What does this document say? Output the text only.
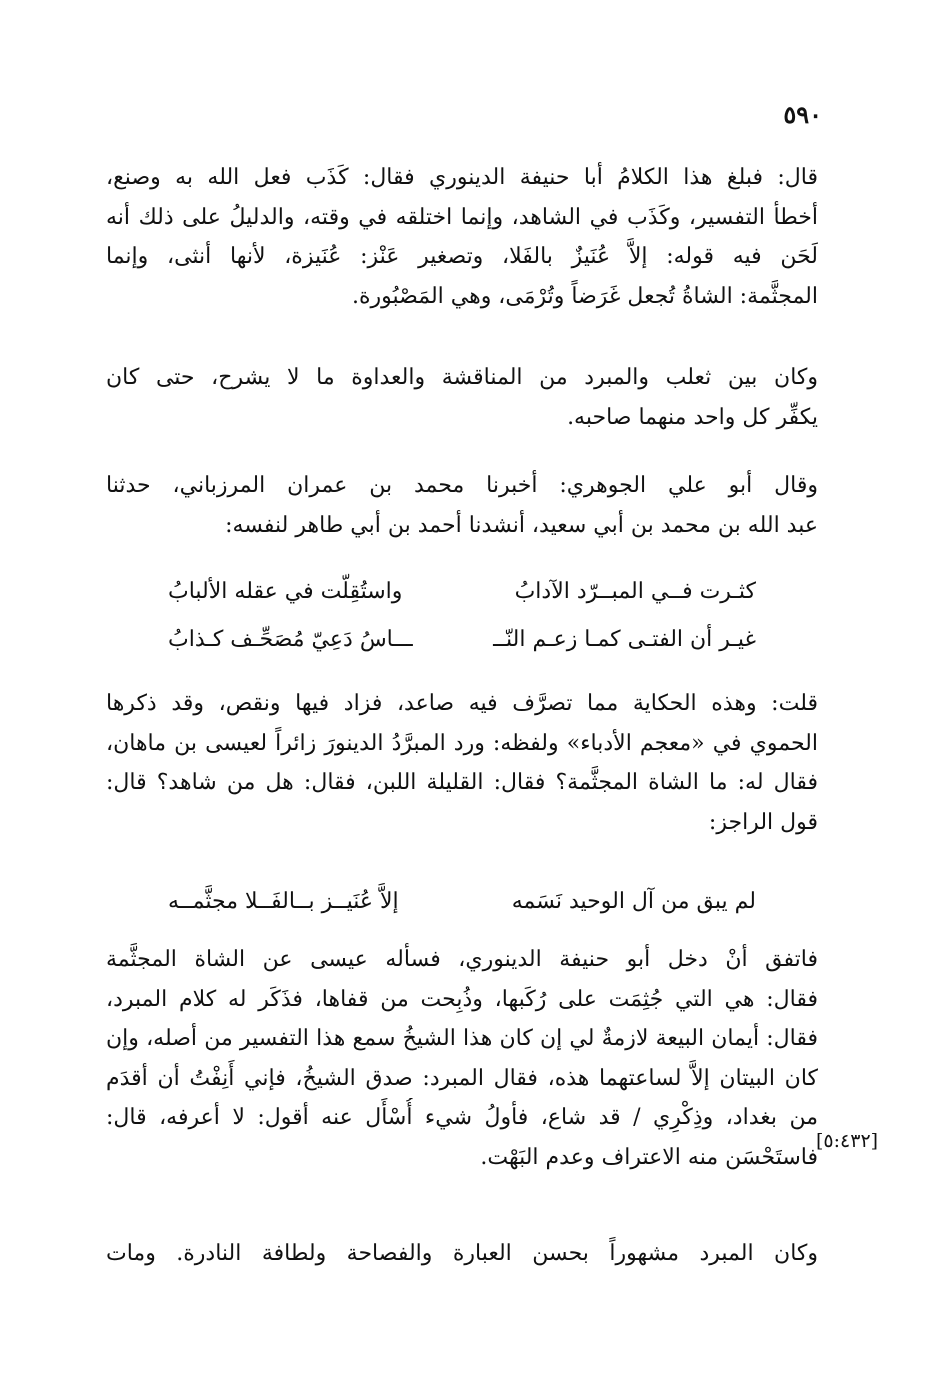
٥٩٠

قال: فبلغ هذا الكلامُ أبا حنيفة الدينوري فقال: كَذَب فعل الله به وصنع،
أخطأ التفسير، وكَذَب في الشاهد، وإنما اختلقه في وقته، والدليلُ على ذلك أنه
لَحَن فيه قوله: إلاَّ عُنَيزٌ بالفَلا، وتصغير عَنْز: عُنَيزة، لأنها أنثى، وإنما
المجثَّمة: الشاةُ تُجعل غَرَضاً وتُرْمَى، وهي المَصْبُورة.

وكان بين ثعلب والمبرد من المناقشة والعداوة ما لا يشرح، حتى كان
يكفِّر كل واحد منهما صاحبه.

وقال أبو علي الجوهري: أخبرنا محمد بن عمران المرزباني، حدثنا
عبد الله بن محمد بن أبي سعيد، أنشدنا أحمد بن أبي طاهر لنفسه:

كثـرت فــي المبــرّد الآدابُ
واستُقِلّت في عقله الألبابُ
غيـر أن الفتـى كمـا زعـم النّــ
ـــاسُ دَعِيّ مُصَحِّـف كـذابُ

قلت: وهذه الحكاية مما تصرَّف فيه صاعد، فزاد فيها ونقص، وقد ذكرها
الحموي في «معجم الأدباء» ولفظه: ورد المبرَّدُ الدينورَ زائراً لعيسى بن ماهان،
فقال له: ما الشاة المجثَّمة؟ فقال: القليلة اللبن، فقال: هل من شاهد؟ قال:
قول الراجز:

لم يبق من آل الوحيد نَسَمه
إلاَّ عُنَيــز بــالفَــلا مجثَّمــه

فاتفق أنْ دخل أبو حنيفة الدينوري، فسأله عيسى عن الشاة المجثَّمة
فقال: هي التي جُثِمَت على رُكَبها، وذُبِحت من قفاها، فذَكَر له كلام المبرد،
فقال: أيمان البيعة لازمةٌ لي إن كان هذا الشيخُ سمع هذا التفسير من أصله، وإن
كان البيتان إلاَّ لساعتهما هذه، فقال المبرد: صدق الشيخُ، فإني أَنِفْتُ أن أقدَم
من بغداد، وذِكْرِي / قد شاع، فأولُ شيء أُسْأَل عنه أقول: لا أعرفه، قال:
فاستَحْسَن منه الاعتراف وعدم البَهْت.

[٥:٤٣٢]

وكان المبرد مشهوراً بحسن العبارة والفصاحة ولطافة النادرة. ومات
